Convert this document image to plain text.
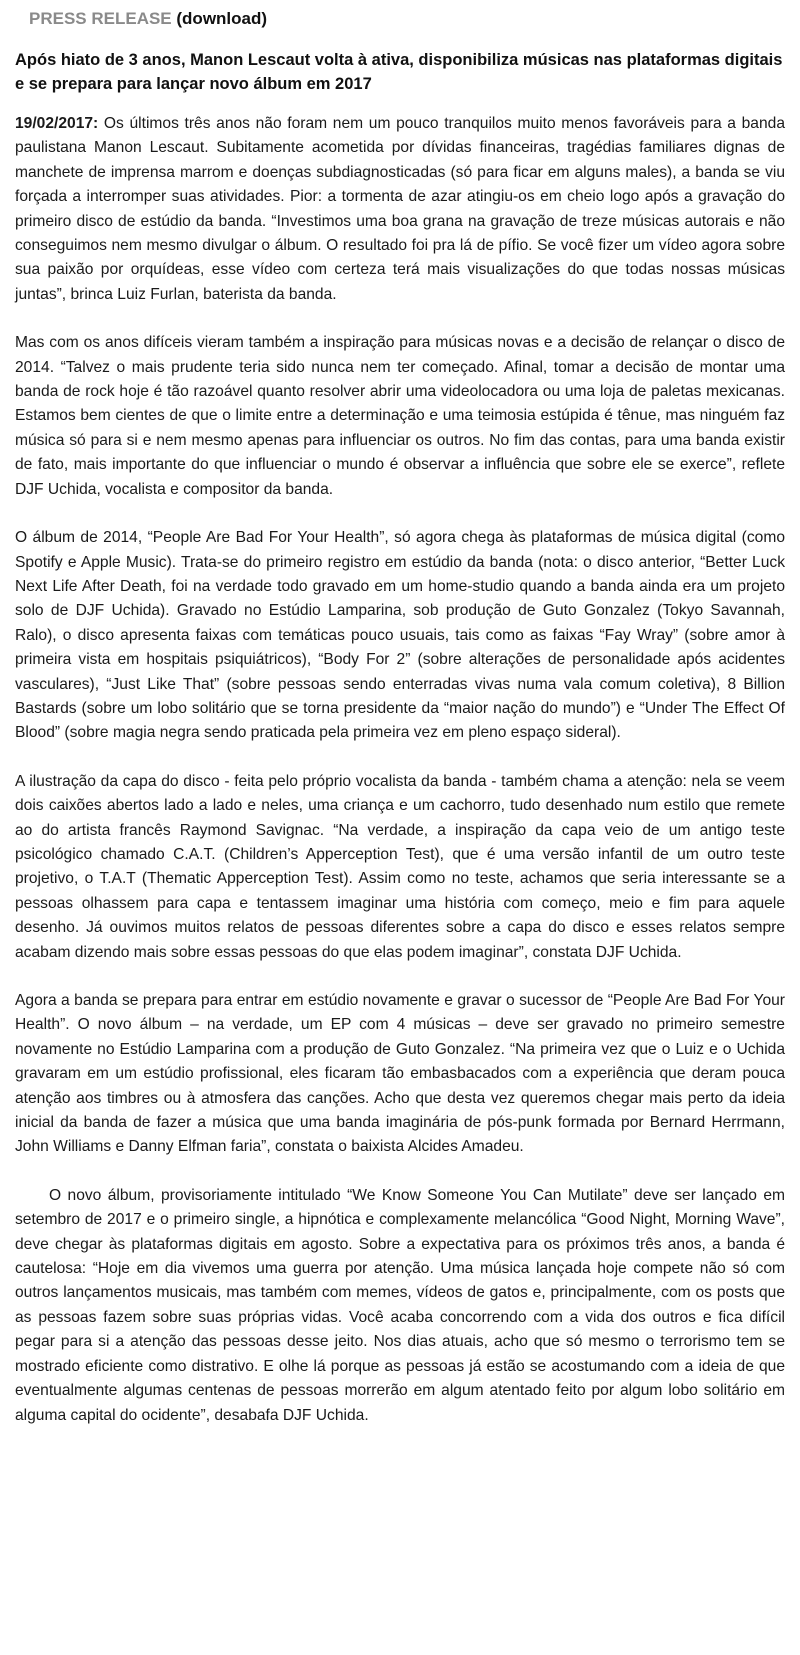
PRESS RELEASE (download)
Após hiato de 3 anos, Manon Lescaut volta à ativa, disponibiliza músicas nas plataformas digitais e se prepara para lançar novo álbum em 2017

19/02/2017: Os últimos três anos não foram nem um pouco tranquilos muito menos favoráveis para a banda paulistana Manon Lescaut. Subitamente acometida por dívidas financeiras, tragédias familiares dignas de manchete de imprensa marrom e doenças subdiagnosticadas (só para ficar em alguns males), a banda se viu forçada a interromper suas atividades. Pior: a tormenta de azar atingiu-os em cheio logo após a gravação do primeiro disco de estúdio da banda. “Investimos uma boa grana na gravação de treze músicas autorais e não conseguimos nem mesmo divulgar o álbum. O resultado foi pra lá de pífio. Se você fizer um vídeo agora sobre sua paixão por orquídeas, esse vídeo com certeza terá mais visualizações do que todas nossas músicas juntas”, brinca Luiz Furlan, baterista da banda.

Mas com os anos difíceis vieram também a inspiração para músicas novas e a decisão de relançar o disco de 2014. “Talvez o mais prudente teria sido nunca nem ter começado. Afinal, tomar a decisão de montar uma banda de rock hoje é tão razoável quanto resolver abrir uma videolocadora ou uma loja de paletas mexicanas. Estamos bem cientes de que o limite entre a determinação e uma teimosia estúpida é tênue, mas ninguém faz música só para si e nem mesmo apenas para influenciar os outros. No fim das contas, para uma banda existir de fato, mais importante do que influenciar o mundo é observar a influência que sobre ele se exerce”, reflete DJF Uchida, vocalista e compositor da banda.

O álbum de 2014, “People Are Bad For Your Health”, só agora chega às plataformas de música digital (como Spotify e Apple Music). Trata-se do primeiro registro em estúdio da banda (nota: o disco anterior, “Better Luck Next Life After Death, foi na verdade todo gravado em um home-studio quando a banda ainda era um projeto solo de DJF Uchida). Gravado no Estúdio Lamparina, sob produção de Guto Gonzalez (Tokyo Savannah, Ralo), o disco apresenta faixas com temáticas pouco usuais, tais como as faixas “Fay Wray” (sobre amor à primeira vista em hospitais psiquiátricos), “Body For 2” (sobre alterações de personalidade após acidentes vasculares), “Just Like That” (sobre pessoas sendo enterradas vivas numa vala comum coletiva), 8 Billion Bastards (sobre um lobo solitário que se torna presidente da “maior nação do mundo”) e “Under The Effect Of Blood” (sobre magia negra sendo praticada pela primeira vez em pleno espaço sideral).

A ilustração da capa do disco - feita pelo próprio vocalista da banda - também chama a atenção: nela se veem dois caixões abertos lado a lado e neles, uma criança e um cachorro, tudo desenhado num estilo que remete ao do artista francês Raymond Savignac. “Na verdade, a inspiração da capa veio de um antigo teste psicológico chamado C.A.T. (Children’s Apperception Test), que é uma versão infantil de um outro teste projetivo, o T.A.T (Thematic Apperception Test). Assim como no teste, achamos que seria interessante se a pessoas olhassem para capa e tentassem imaginar uma história com começo, meio e fim para aquele desenho. Já ouvimos muitos relatos de pessoas diferentes sobre a capa do disco e esses relatos sempre acabam dizendo mais sobre essas pessoas do que elas podem imaginar”, constata DJF Uchida.

Agora a banda se prepara para entrar em estúdio novamente e gravar o sucessor de “People Are Bad For Your Health”. O novo álbum – na verdade, um EP com 4 músicas – deve ser gravado no primeiro semestre novamente no Estúdio Lamparina com a produção de Guto Gonzalez. “Na primeira vez que o Luiz e o Uchida gravaram em um estúdio profissional, eles ficaram tão embasbacados com a experiência que deram pouca atenção aos timbres ou à atmosfera das canções. Acho que desta vez queremos chegar mais perto da ideia inicial da banda de fazer a música que uma banda imaginária de pós-punk formada por Bernard Herrmann, John Williams e Danny Elfman faria”, constata o baixista Alcides Amadeu.

O novo álbum, provisoriamente intitulado “We Know Someone You Can Mutilate” deve ser lançado em setembro de 2017 e o primeiro single, a hipnótica e complexamente melancólica “Good Night, Morning Wave”, deve chegar às plataformas digitais em agosto. Sobre a expectativa para os próximos três anos, a banda é cautelosa: “Hoje em dia vivemos uma guerra por atenção. Uma música lançada hoje compete não só com outros lançamentos musicais, mas também com memes, vídeos de gatos e, principalmente, com os posts que as pessoas fazem sobre suas próprias vidas. Você acaba concorrendo com a vida dos outros e fica difícil pegar para si a atenção das pessoas desse jeito. Nos dias atuais, acho que só mesmo o terrorismo tem se mostrado eficiente como distrativo. E olhe lá porque as pessoas já estão se acostumando com a ideia de que eventualmente algumas centenas de pessoas morrerão em algum atentado feito por algum lobo solitário em alguma capital do ocidente”, desabafa DJF Uchida.
